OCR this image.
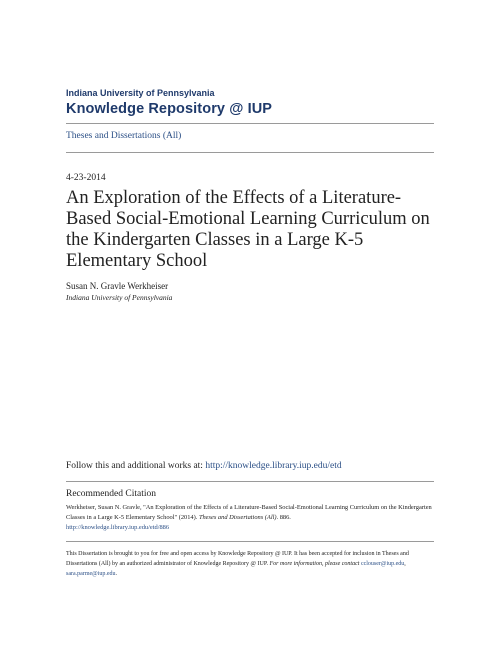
Indiana University of Pennsylvania
Knowledge Repository @ IUP
Theses and Dissertations (All)
4-23-2014
An Exploration of the Effects of a Literature-Based Social-Emotional Learning Curriculum on the Kindergarten Classes in a Large K-5 Elementary School
Susan N. Gravle Werkheiser
Indiana University of Pennsylvania
Follow this and additional works at: http://knowledge.library.iup.edu/etd
Recommended Citation
Werkheiser, Susan N. Gravle, "An Exploration of the Effects of a Literature-Based Social-Emotional Learning Curriculum on the Kindergarten Classes in a Large K-5 Elementary School" (2014). Theses and Dissertations (All). 886.
http://knowledge.library.iup.edu/etd/886
This Dissertation is brought to you for free and open access by Knowledge Repository @ IUP. It has been accepted for inclusion in Theses and Dissertations (All) by an authorized administrator of Knowledge Repository @ IUP. For more information, please contact cclouser@iup.edu, sara.parme@iup.edu.
